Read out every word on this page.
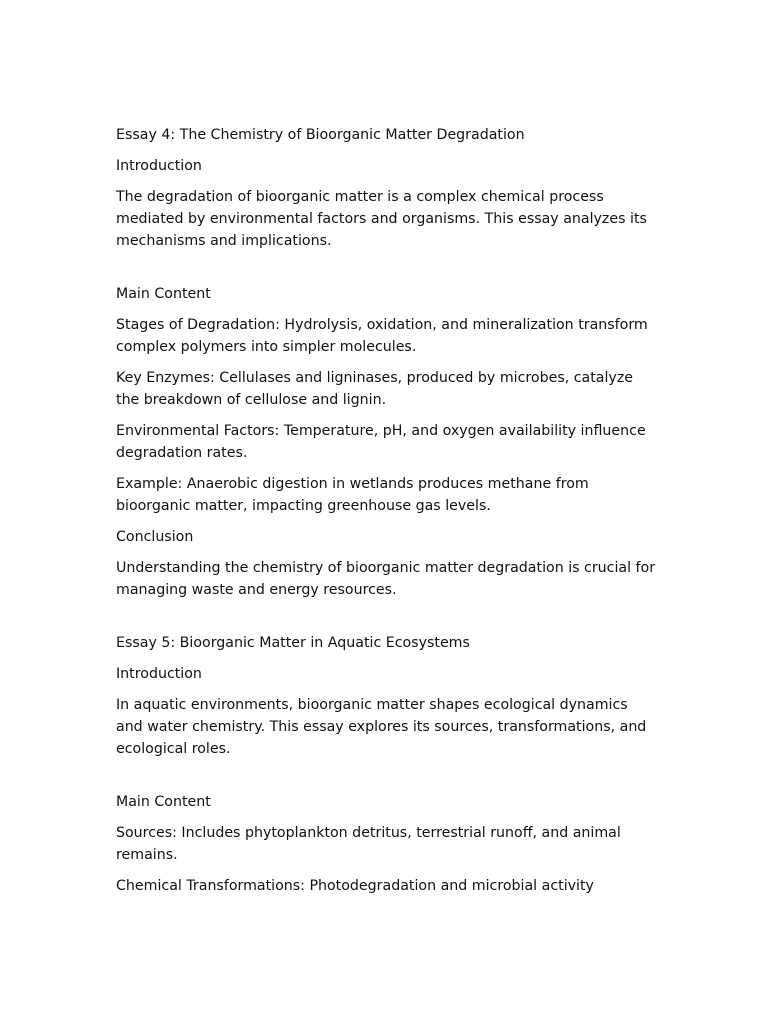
Essay 4: The Chemistry of Bioorganic Matter Degradation

Introduction

The degradation of bioorganic matter is a complex chemical process mediated by environmental factors and organisms. This essay analyzes its mechanisms and implications.

Main Content

Stages of Degradation: Hydrolysis, oxidation, and mineralization transform complex polymers into simpler molecules.

Key Enzymes: Cellulases and ligninases, produced by microbes, catalyze the breakdown of cellulose and lignin.

Environmental Factors: Temperature, pH, and oxygen availability influence degradation rates.

Example: Anaerobic digestion in wetlands produces methane from bioorganic matter, impacting greenhouse gas levels.

Conclusion

Understanding the chemistry of bioorganic matter degradation is crucial for managing waste and energy resources.

Essay 5: Bioorganic Matter in Aquatic Ecosystems

Introduction

In aquatic environments, bioorganic matter shapes ecological dynamics and water chemistry. This essay explores its sources, transformations, and ecological roles.

Main Content

Sources: Includes phytoplankton detritus, terrestrial runoff, and animal remains.

Chemical Transformations: Photodegradation and microbial activity
